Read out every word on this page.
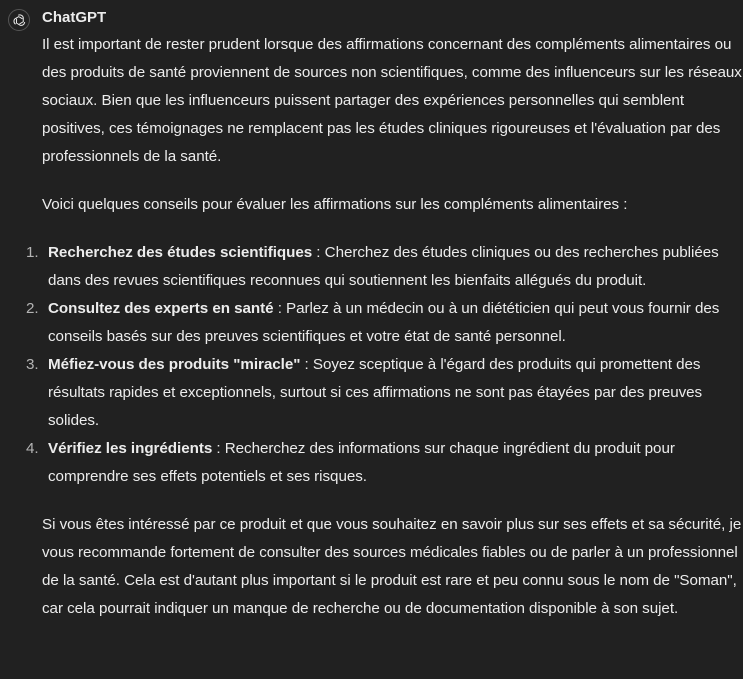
ChatGPT

Il est important de rester prudent lorsque des affirmations concernant des compléments alimentaires ou des produits de santé proviennent de sources non scientifiques, comme des influenceurs sur les réseaux sociaux. Bien que les influenceurs puissent partager des expériences personnelles qui semblent positives, ces témoignages ne remplacent pas les études cliniques rigoureuses et l'évaluation par des professionnels de la santé.

Voici quelques conseils pour évaluer les affirmations sur les compléments alimentaires :

1. Recherchez des études scientifiques : Cherchez des études cliniques ou des recherches publiées dans des revues scientifiques reconnues qui soutiennent les bienfaits allégués du produit.
2. Consultez des experts en santé : Parlez à un médecin ou à un diététicien qui peut vous fournir des conseils basés sur des preuves scientifiques et votre état de santé personnel.
3. Méfiez-vous des produits "miracle" : Soyez sceptique à l'égard des produits qui promettent des résultats rapides et exceptionnels, surtout si ces affirmations ne sont pas étayées par des preuves solides.
4. Vérifiez les ingrédients : Recherchez des informations sur chaque ingrédient du produit pour comprendre ses effets potentiels et ses risques.

Si vous êtes intéressé par ce produit et que vous souhaitez en savoir plus sur ses effets et sa sécurité, je vous recommande fortement de consulter des sources médicales fiables ou de parler à un professionnel de la santé. Cela est d'autant plus important si le produit est rare et peu connu sous le nom de "Soman", car cela pourrait indiquer un manque de recherche ou de documentation disponible à son sujet.
